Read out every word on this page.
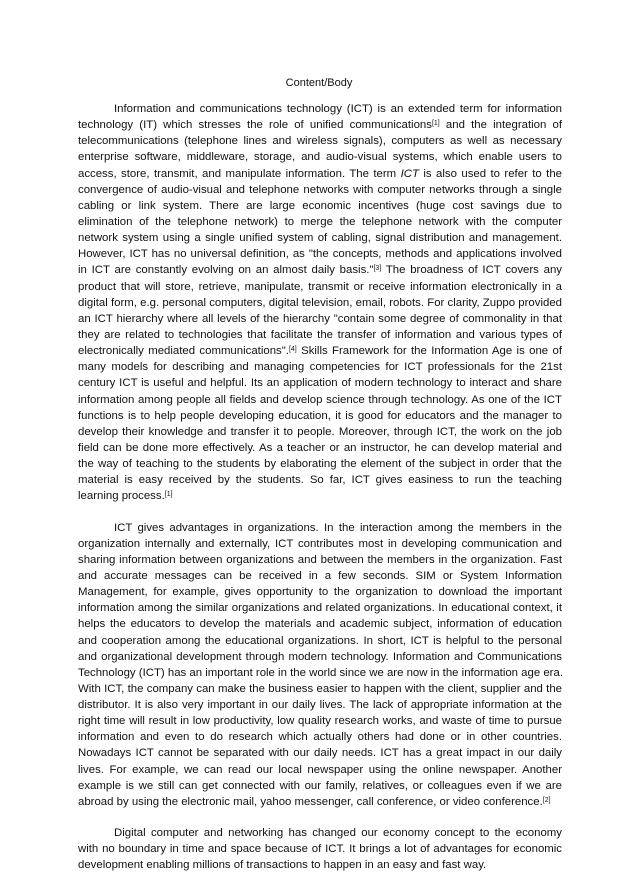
Content/Body
Information and communications technology (ICT) is an extended term for information
technology (IT) which stresses the role of unified communications[1] and the integration of
telecommunications (telephone lines and wireless signals), computers as well as necessary
enterprise software, middleware, storage, and audio-visual systems, which enable users to
access, store, transmit, and manipulate information. The term ICT is also used to refer to the
convergence of audio-visual and telephone networks with computer networks through a single
cabling or link system. There are large economic incentives (huge cost savings due to
elimination of the telephone network) to merge the telephone network with the computer
network system using a single unified system of cabling, signal distribution and management.
However, ICT has no universal definition, as "the concepts, methods and applications involved
in ICT are constantly evolving on an almost daily basis."[3] The broadness of ICT covers any
product that will store, retrieve, manipulate, transmit or receive information electronically in a
digital form, e.g. personal computers, digital television, email, robots. For clarity, Zuppo provided
an ICT hierarchy where all levels of the hierarchy "contain some degree of commonality in that
they are related to technologies that facilitate the transfer of information and various types of
electronically mediated communications".[4] Skills Framework for the Information Age is one of
many models for describing and managing competencies for ICT professionals for the 21st
century ICT is useful and helpful. Its an application of modern technology to interact and share
information among people all fields and develop science through technology. As one of the ICT
functions is to help people developing education, it is good for educators and the manager to
develop their knowledge and transfer it to people. Moreover, through ICT, the work on the job
field can be done more effectively. As a teacher or an instructor, he can develop material and
the way of teaching to the students by elaborating the element of the subject in order that the
material is easy received by the students. So far, ICT gives easiness to run the teaching
learning process.[1]
ICT gives advantages in organizations. In the interaction among the members in the
organization internally and externally, ICT contributes most in developing communication and
sharing information between organizations and between the members in the organization. Fast
and accurate messages can be received in a few seconds. SIM or System Information
Management, for example, gives opportunity to the organization to download the important
information among the similar organizations and related organizations. In educational context, it
helps the educators to develop the materials and academic subject, information of education
and cooperation among the educational organizations. In short, ICT is helpful to the personal
and organizational development through modern technology. Information and Communications
Technology (ICT) has an important role in the world since we are now in the information age era.
With ICT, the company can make the business easier to happen with the client, supplier and the
distributor. It is also very important in our daily lives. The lack of appropriate information at the
right time will result in low productivity, low quality research works, and waste of time to pursue
information and even to do research which actually others had done or in other countries.
Nowadays ICT cannot be separated with our daily needs. ICT has a great impact in our daily
lives. For example, we can read our local newspaper using the online newspaper. Another
example is we still can get connected with our family, relatives, or colleagues even if we are
abroad by using the electronic mail, yahoo messenger, call conference, or video conference.[2]
Digital computer and networking has changed our economy concept to the economy
with no boundary in time and space because of ICT. It brings a lot of advantages for economic
development enabling millions of transactions to happen in an easy and fast way.
